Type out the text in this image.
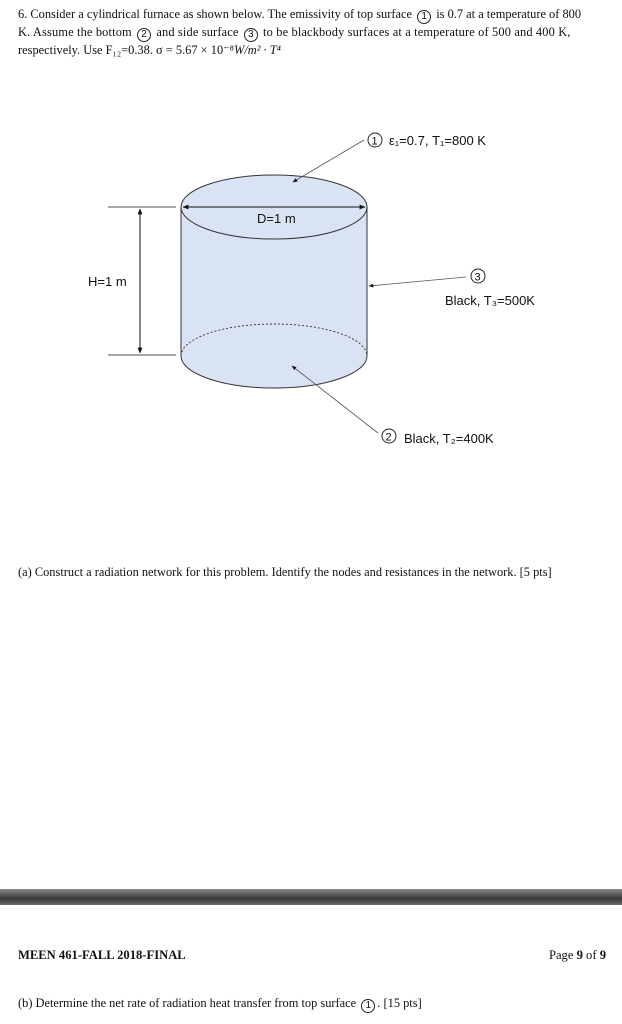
6. Consider a cylindrical furnace as shown below. The emissivity of top surface 1 is 0.7 at a temperature of 800
K. Assume the bottom 2 and side surface 3 to be blackbody surfaces at a temperature of 500 and 400 K,
respectively. Use F₁₂=0.38. σ = 5.67 × 10⁻⁸W/m² · T⁴
D=1 m
H=1 m
1 ε₁=0.7, T₁=800 K
3
Black, T₃=500K
2 Black, T₂=400K
(a) Construct a radiation network for this problem. Identify the nodes and resistances in the network. [5 pts]
MEEN 461-FALL 2018-FINAL	Page 9 of 9
(b) Determine the net rate of radiation heat transfer from top surface 1 . [15 pts]
